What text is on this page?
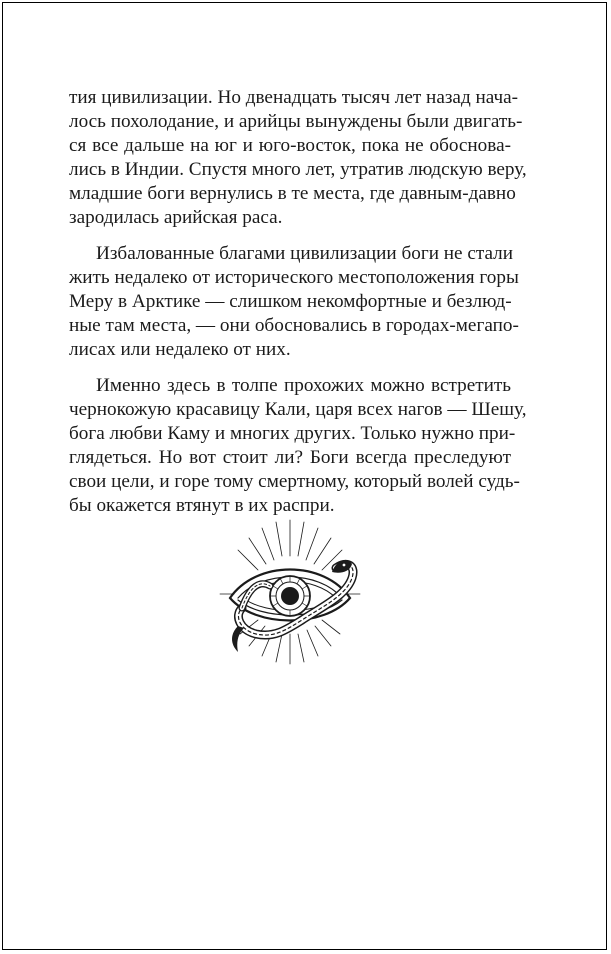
тия цивилизации. Но двенадцать тысяч лет назад нача-
лось похолодание, и арийцы вынуждены были двигать-
ся все дальше на юг и юго-восток, пока не обоснова-
лись в Индии. Спустя много лет, утратив людскую веру,
младшие боги вернулись в те места, где давным-давно
зародилась арийская раса.

Избалованные благами цивилизации боги не стали
жить недалеко от исторического местоположения горы
Меру в Арктике — слишком некомфортные и безлюд-
ные там места, — они обосновались в городах-мегапо-
лисах или недалеко от них.

Именно здесь в толпе прохожих можно встретить
чернокожую красавицу Кали, царя всех нагов — Шешу,
бога любви Каму и многих других. Только нужно при-
глядеться. Но вот стоит ли? Боги всегда преследуют
свои цели, и горе тому смертному, который волей судь-
бы окажется втянут в их распри.
